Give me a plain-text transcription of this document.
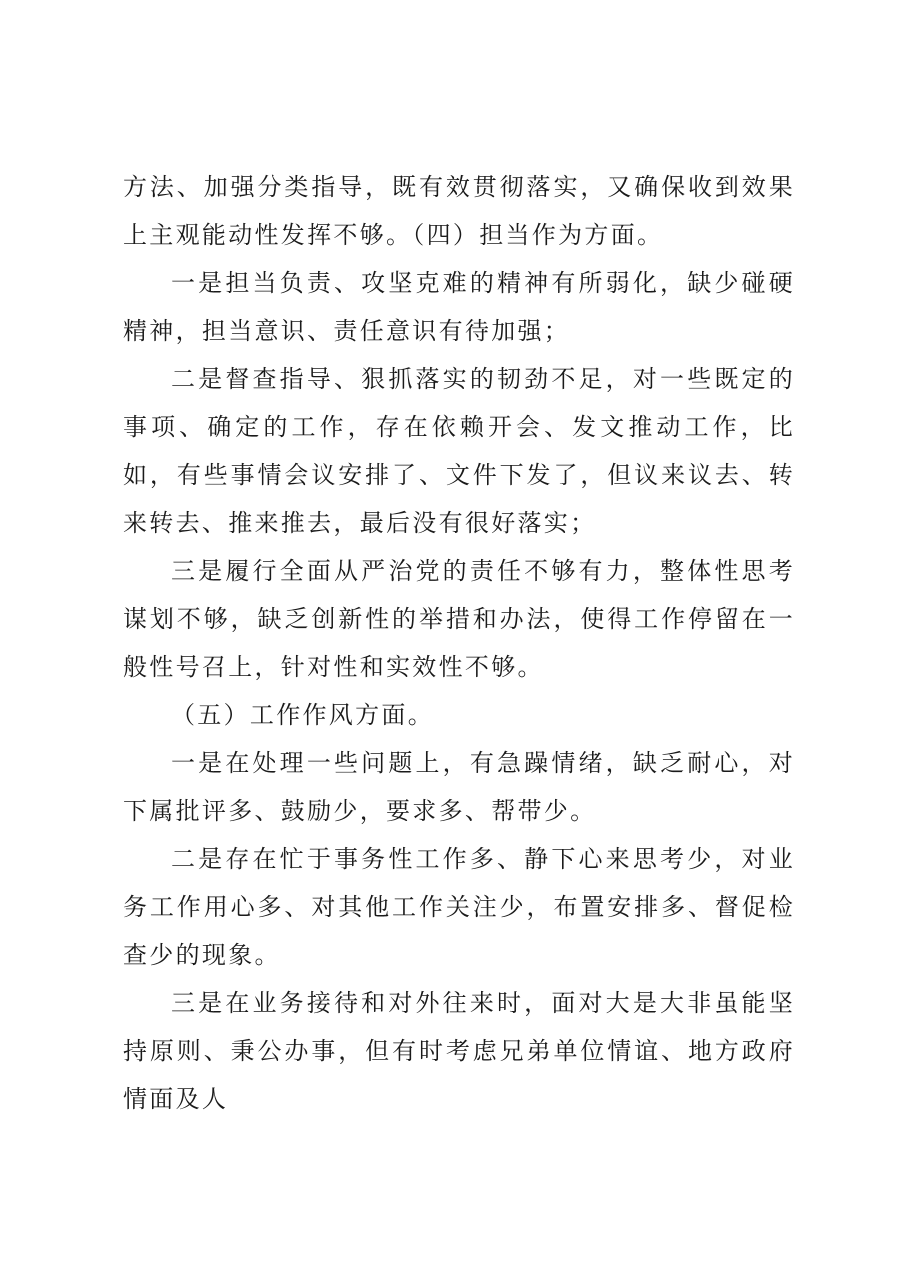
方法、加强分类指导，既有效贯彻落实，又确保收到效果上主观能动性发挥不够。（四）担当作为方面。

一是担当负责、攻坚克难的精神有所弱化，缺少碰硬精神，担当意识、责任意识有待加强；

二是督查指导、狠抓落实的韧劲不足，对一些既定的事项、确定的工作，存在依赖开会、发文推动工作，比如，有些事情会议安排了、文件下发了，但议来议去、转来转去、推来推去，最后没有很好落实；

三是履行全面从严治党的责任不够有力，整体性思考谋划不够，缺乏创新性的举措和办法，使得工作停留在一般性号召上，针对性和实效性不够。

（五）工作作风方面。

一是在处理一些问题上，有急躁情绪，缺乏耐心，对下属批评多、鼓励少，要求多、帮带少。

二是存在忙于事务性工作多、静下心来思考少，对业务工作用心多、对其他工作关注少，布置安排多、督促检查少的现象。

三是在业务接待和对外往来时，面对大是大非虽能坚持原则、秉公办事，但有时考虑兄弟单位情谊、地方政府情面及人
